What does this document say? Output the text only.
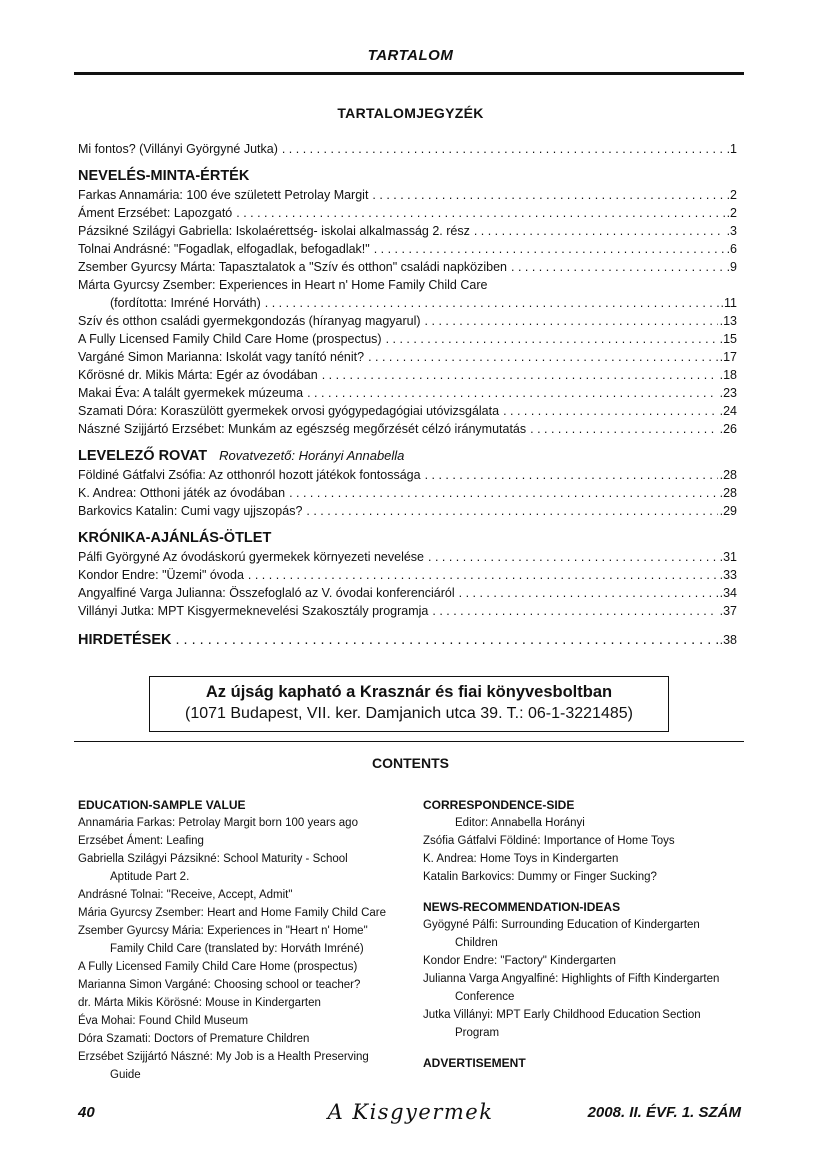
TARTALOM
TARTALOMJEGYZÉK
Mi fontos? (Villányi Györgyné Jutka) . . .	.1
NEVELÉS-MINTA-ÉRTÉK
Farkas Annamária: 100 éve született Petrolay Margit . . .	.2
Áment Erzsébet: Lapozgató . . .	.2
Pázsikné Szilágyi Gabriella: Iskolaérettség- iskolai alkalmasság 2. rész . . .	.3
Tolnai Andrásné: "Fogadlak, elfogadlak, befogadlak!" . . .	.6
Zsember Gyurcsy Márta: Tapasztalatok a "Szív és otthon" családi napköziben . . .	.9
Márta Gyurcsy Zsember: Experiences in Heart n' Home Family Child Care
(fordította: Imréné Horváth) . . .	.11
Szív és otthon családi gyermekgondozás (híranyag magyarul) . . .	.13
A Fully Licensed Family Child Care Home (prospectus) . . .	.15
Vargáné Simon Marianna: Iskolát vagy tanító nénit? . . .	.17
Kőrösné dr. Mikis Márta: Egér az óvodában . . .	.18
Makai Éva: A talált gyermekek múzeuma . . .	.23
Szamati Dóra: Koraszülött gyermekek orvosi gyógypedagógiai utóvizsgálata . . .	.24
Nászné Szijjártó Erzsébet: Munkám az egészség megőrzését célzó iránymutatás . . .	.26
LEVELEZŐ ROVAT Rovatvezető: Horányi Annabella
Földiné Gátfalvi Zsófia: Az otthonról hozott játékok fontossága . . .	.28
K. Andrea: Otthoni játék az óvodában . . .	.28
Barkovics Katalin: Cumi vagy ujjszopás? . . .	.29
KRÓNIKA-AJÁNLÁS-ÖTLET
Pálfi Györgyné Az óvodáskorú gyermekek környezeti nevelése . . .	.31
Kondor Endre: "Üzemi" óvoda . . .	.33
Angyalfiné Varga Julianna: Összefoglaló az V. óvodai konferenciáról . . .	.34
Villányi Jutka: MPT Kisgyermeknevelési Szakosztály programja . . .	.37
HIRDETÉSEK . . .	.38
Az újság kapható a Krasznár és fiai könyvesboltban
(1071 Budapest, VII. ker. Damjanich utca 39. T.: 06-1-3221485)
CONTENTS
EDUCATION-SAMPLE VALUE
Annamária Farkas: Petrolay Margit born 100 years ago
Erzsébet Áment: Leafing
Gabriella Szilágyi Pázsikné: School Maturity - School
Aptitude Part 2.
Andrásné Tolnai: "Receive, Accept, Admit"
Mária Gyurcsy Zsember: Heart and Home Family Child Care
Zsember Gyurcsy Mária: Experiences in "Heart n' Home"
Family Child Care (translated by: Horváth Imréné)
A Fully Licensed Family Child Care Home (prospectus)
Marianna Simon Vargáné: Choosing school or teacher?
dr. Márta Mikis Körösné: Mouse in Kindergarten
Éva Mohai: Found Child Museum
Dóra Szamati: Doctors of Premature Children
Erzsébet Szijjártó Nászné: My Job is a Health Preserving
Guide
CORRESPONDENCE-SIDE
Editor: Annabella Horányi
Zsófia Gátfalvi Földiné: Importance of Home Toys
K. Andrea: Home Toys in Kindergarten
Katalin Barkovics: Dummy or Finger Sucking?
NEWS-RECOMMENDATION-IDEAS
Gyögyné Pálfi: Surrounding Education of Kindergarten
Children
Kondor Endre: "Factory" Kindergarten
Julianna Varga Angyalfiné: Highlights of Fifth Kindergarten
Conference
Jutka Villányi: MPT Early Childhood Education Section
Program
ADVERTISEMENT
40	A Kisgyermek	2008. II. ÉVF. 1. SZÁM
